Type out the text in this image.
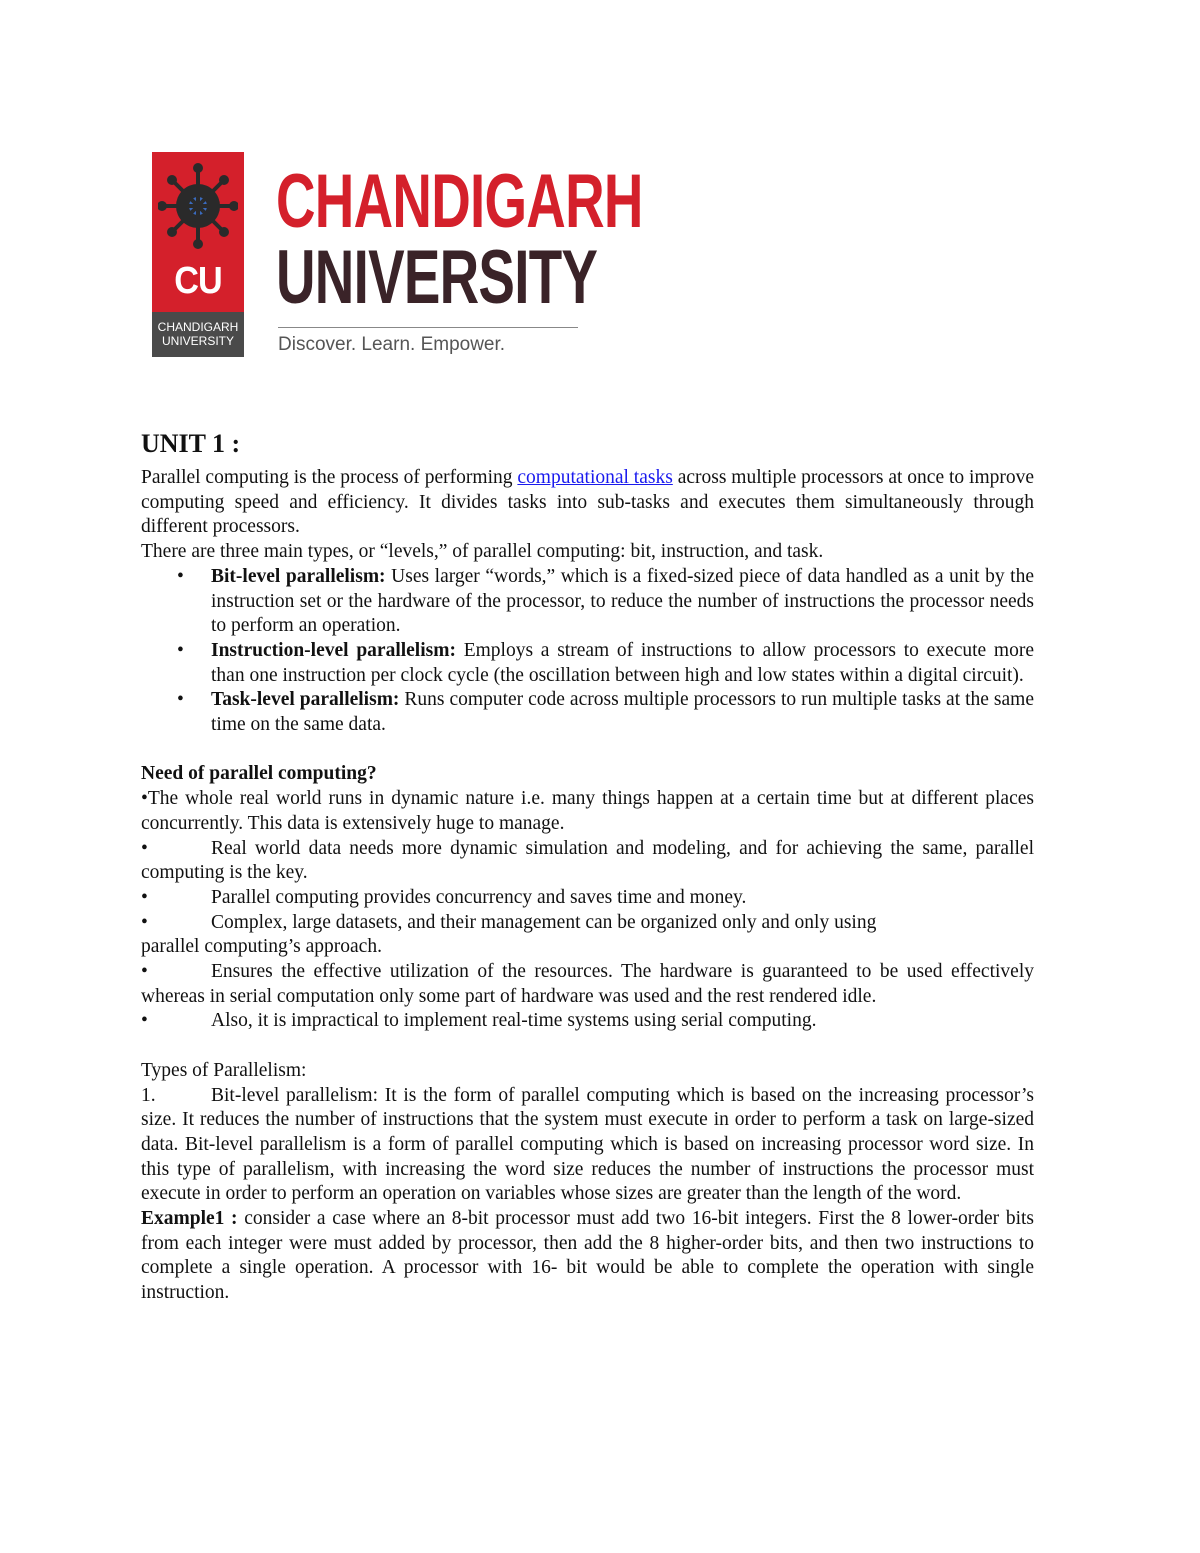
CU
CHANDIGARH
UNIVERSITY
CHANDIGARH
UNIVERSITY
Discover. Learn. Empower.
UNIT 1 :

Parallel computing is the process of performing computational tasks across multiple processors at once to improve computing speed and efficiency. It divides tasks into sub-tasks and executes them simultaneously through different processors.

There are three main types, or “levels,” of parallel computing: bit, instruction, and task.

• Bit-level parallelism: Uses larger “words,” which is a fixed-sized piece of data handled as a unit by the instruction set or the hardware of the processor, to reduce the number of instructions the processor needs to perform an operation.
• Instruction-level parallelism: Employs a stream of instructions to allow processors to execute more than one instruction per clock cycle (the oscillation between high and low states within a digital circuit).
• Task-level parallelism: Runs computer code across multiple processors to run multiple tasks at the same time on the same data.

Need of parallel computing?

•The whole real world runs in dynamic nature i.e. many things happen at a certain time but at different places concurrently. This data is extensively huge to manage.

•	Real world data needs more dynamic simulation and modeling, and for achieving the same, parallel computing is the key.

•	Parallel computing provides concurrency and saves time and money.

•	Complex, large datasets, and their management can be organized only and only using

parallel computing’s approach.

•	Ensures the effective utilization of the resources. The hardware is guaranteed to be used effectively whereas in serial computation only some part of hardware was used and the rest rendered idle.

•	Also, it is impractical to implement real-time systems using serial computing.

Types of Parallelism:

1.	Bit-level parallelism: It is the form of parallel computing which is based on the increasing processor’s size. It reduces the number of instructions that the system must execute in order to perform a task on large-sized data. Bit-level parallelism is a form of parallel computing which is based on increasing processor word size. In this type of parallelism, with increasing the word size reduces the number of instructions the processor must execute in order to perform an operation on variables whose sizes are greater than the length of the word.

Example1 : consider a case where an 8-bit processor must add two 16-bit integers. First the 8 lower-order bits from each integer were must added by processor, then add the 8 higher-order bits, and then two instructions to complete a single operation. A processor with 16- bit would be able to complete the operation with single instruction.
